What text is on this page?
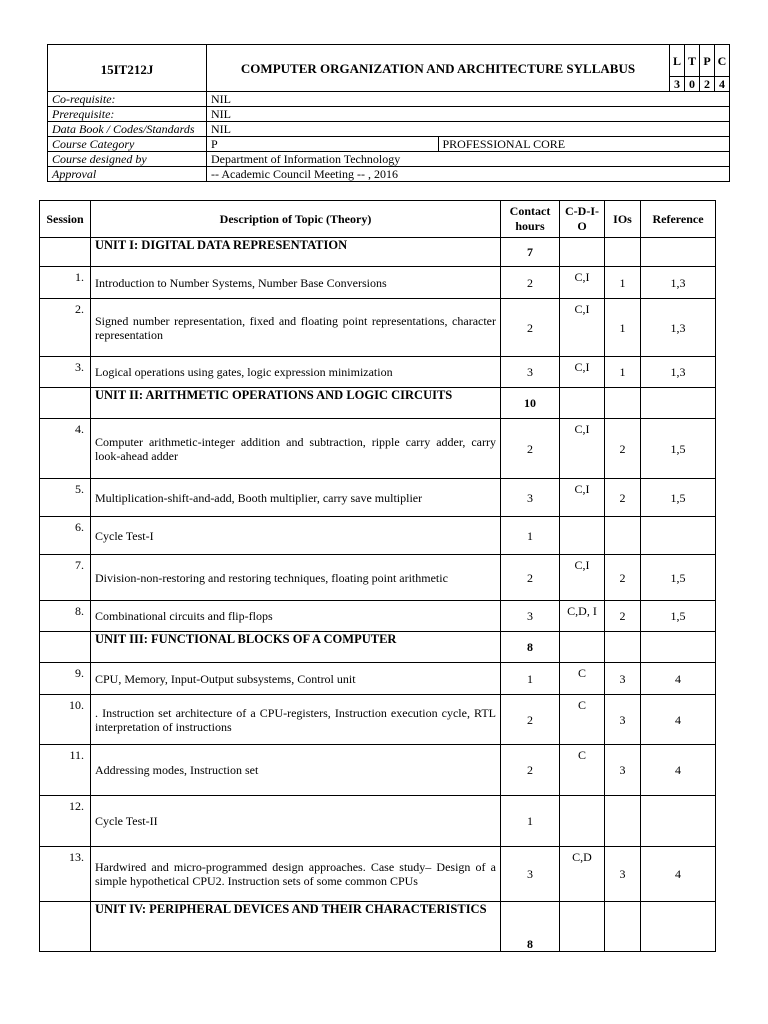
15IT212J	COMPUTER ORGANIZATION AND ARCHITECTURE SYLLABUS		L	T	P	C
			3	0	2	4
Co-requisite:	NIL					
Prerequisite:	NIL					
Data Book / Codes/Standards	NIL					
Course Category	P	PROFESSIONAL CORE				
Course designed by	Department of Information Technology					
Approval	-- Academic Council Meeting -- , 2016					
Session	Description of Topic (Theory)	Contact hours	C-D-I-O	IOs	Reference
	UNIT I: DIGITAL DATA REPRESENTATION	7			
1.	Introduction to Number Systems, Number Base Conversions	2	C,I	1	1,3
2.	Signed number representation, fixed and floating point representations, character representation	2	C,I	1	1,3
3.	Logical operations using gates, logic expression minimization	3	C,I	1	1,3
	UNIT II: ARITHMETIC OPERATIONS AND LOGIC CIRCUITS	10			
4.	Computer arithmetic-integer addition and subtraction, ripple carry adder, carry look-ahead adder	2	C,I	2	1,5
5.	Multiplication-shift-and-add, Booth multiplier, carry save multiplier	3	C,I	2	1,5
6.	Cycle Test-I	1			
7.	Division-non-restoring and restoring techniques, floating point arithmetic	2	C,I	2	1,5
8.	Combinational circuits and flip-flops	3	C,D, I	2	1,5
	UNIT III: FUNCTIONAL BLOCKS OF A COMPUTER	8			
9.	CPU, Memory, Input-Output subsystems, Control unit	1	C	3	4
10.	. Instruction set architecture of a CPU-registers, Instruction execution cycle, RTL interpretation of instructions	2	C	3	4
11.	Addressing modes, Instruction set	2	C	3	4
12.	Cycle Test-II	1			
13.	Hardwired and micro-programmed design approaches. Case study– Design of a simple hypothetical CPU2. Instruction sets of some common CPUs	3	C,D	3	4
	UNIT IV: PERIPHERAL DEVICES AND THEIR CHARACTERISTICS	8			
